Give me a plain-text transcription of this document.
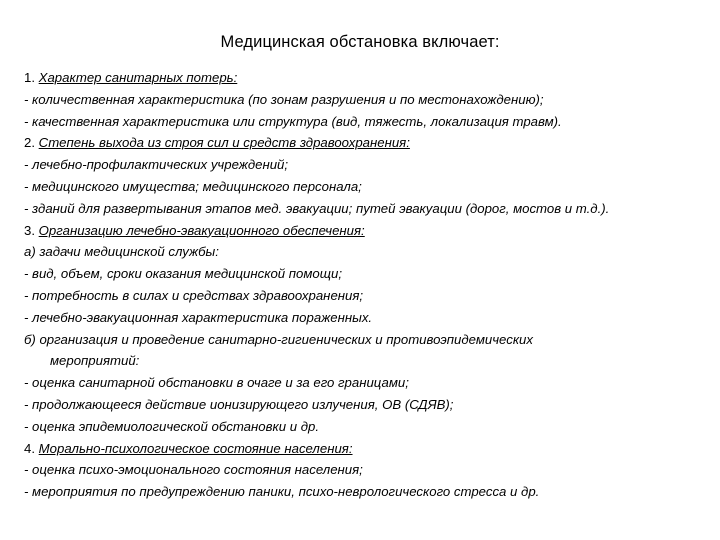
Медицинская обстановка включает:
1. Характер санитарных потерь:
- количественная характеристика (по зонам разрушения и по местонахождению);
- качественная характеристика или структура (вид, тяжесть, локализация травм).
2. Степень выхода из строя сил и средств здравоохранения:
- лечебно-профилактических учреждений;
- медицинского имущества; медицинского персонала;
- зданий для развертывания этапов мед. эвакуации; путей эвакуации (дорог, мостов и т.д.).
3. Организацию лечебно-эвакуационного обеспечения:
а) задачи медицинской службы:
- вид, объем, сроки оказания медицинской помощи;
- потребность в силах и средствах здравоохранения;
- лечебно-эвакуационная характеристика пораженных.
б) организация и проведение санитарно-гигиенических и противоэпидемических
мероприятий:
- оценка санитарной обстановки в очаге и за его границами;
- продолжающееся действие ионизирующего излучения, ОВ (СДЯВ);
- оценка эпидемиологической обстановки и др.
4. Морально-психологическое состояние населения:
- оценка психо-эмоционального состояния населения;
- мероприятия по предупреждению паники, психо-неврологического стресса и др.
